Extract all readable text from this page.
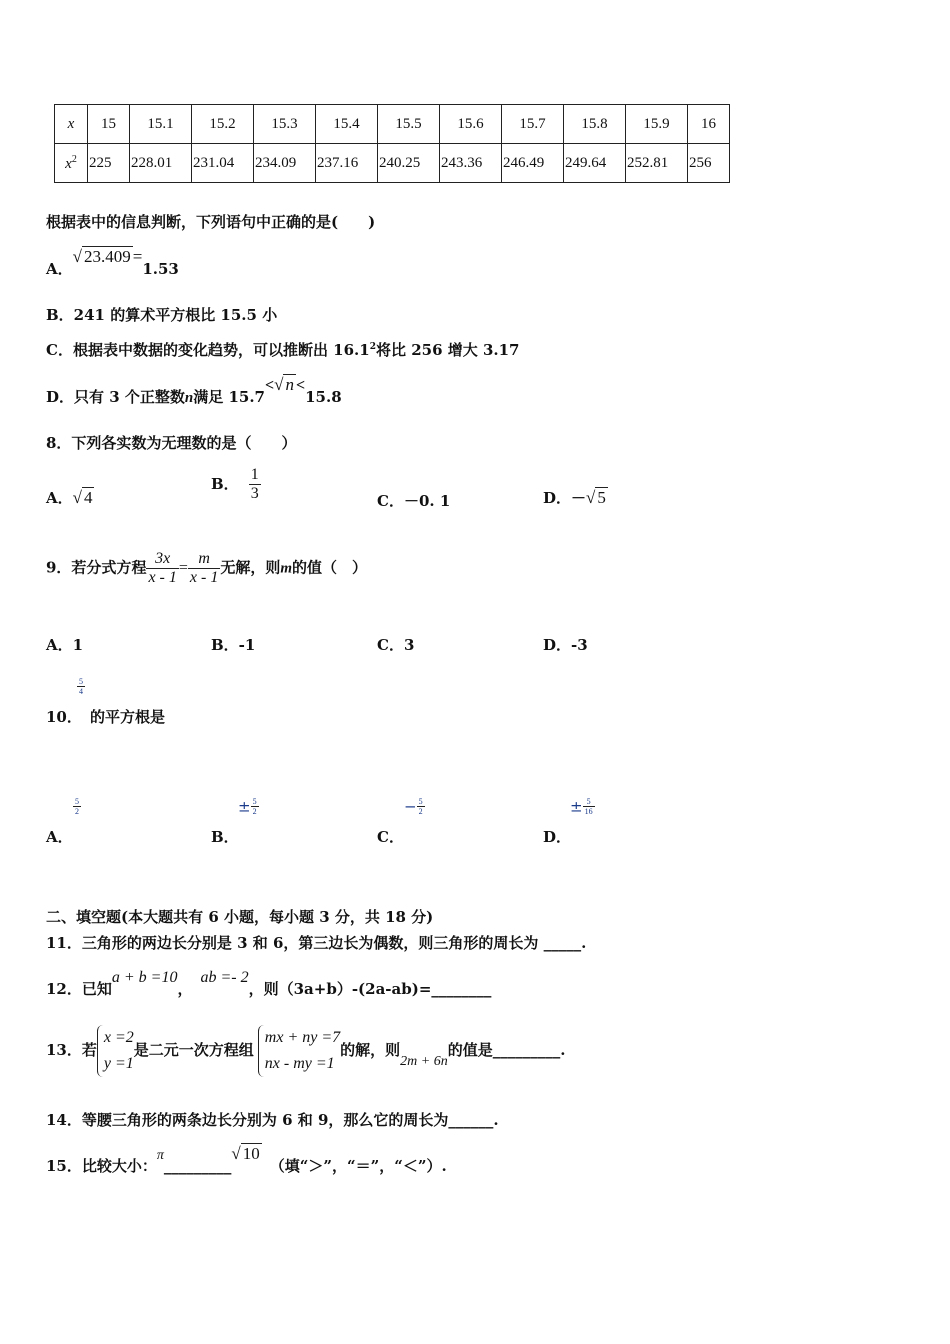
x	15	15.1	15.2	15.3	15.4	15.5	15.6	15.7	15.8	15.9	16
$x^2$	225	228.01	231.04	234.09	237.16	240.25	243.36	246.49	249.64	252.81	256
根据表中的信息判断，下列语句中正确的是(　　)
A．√ 23.409 =1.53
B．241 的算术平方根比 15.5 小
C．根据表中数据的变化趋势，可以推断出 16.1$^2$将比 256 增大 3.17
D．只有 3 个正整数n满足 15.7<√ n <15.8
8．下列各实数为无理数的是（　　）
A．√ 4
B． $\frac{1}{3}$	C．－0. 1	D．－√ 5
9．若分式方程 $\frac{3x}{x - 1} = \frac{m}{x - 1}$ 无解，则m的值（　）
A．1	B．-1	C．3	D．-3
10．
$\frac{5}{4}$
的平方根是
A．
$\frac{5}{2}$
B．
± $\frac{5}{2}$
C．
− $\frac{5}{2}$
D．
± $\frac{5}{16}$
二、填空题(本大题共有 6 小题，每小题 3 分，共 18 分)
11．三角形的两边长分别是 3 和 6，第三边长为偶数，则三角形的周长为 _____.
12．已知a + b =10，ab =- 2，则（3a+b）-(2a-ab)=________
13．若
x =2
y =1
是二元一次方程组
mx + ny =7
nx - my =1
的解，则2m + 6n的值是_________.
14．等腰三角形的两条边长分别为 6 和 9，那么它的周长为______.
15．比较大小：π_________√ 10（填“＞”，“＝”，“＜”）.
